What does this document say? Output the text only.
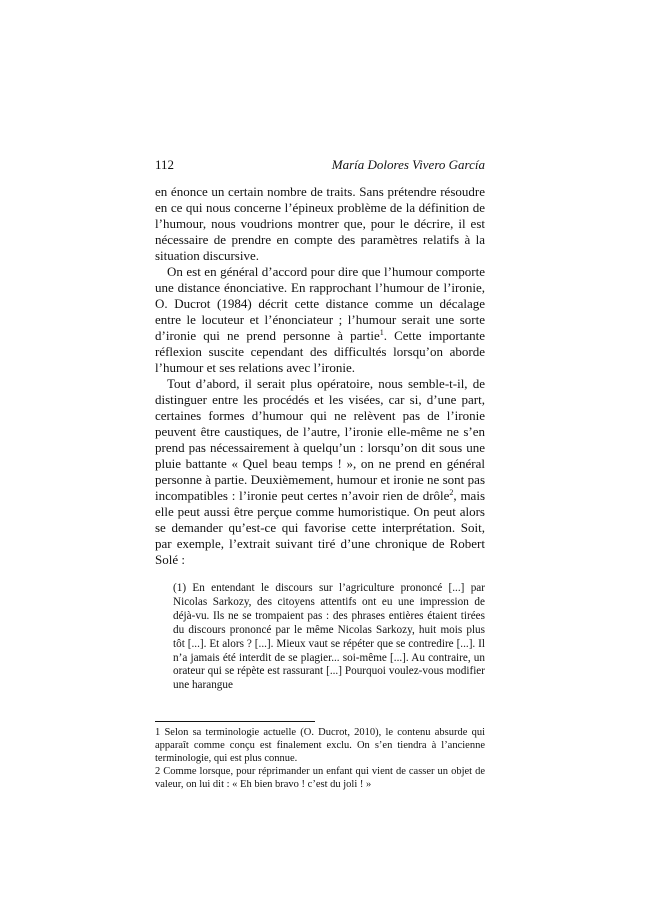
112	María Dolores Vivero García

en énonce un certain nombre de traits. Sans prétendre résoudre en ce qui nous concerne l’épineux problème de la définition de l’humour, nous voudrions montrer que, pour le décrire, il est nécessaire de prendre en compte des paramètres relatifs à la situation discursive.

On est en général d’accord pour dire que l’humour comporte une distance énonciative. En rapprochant l’humour de l’ironie, O. Ducrot (1984) décrit cette distance comme un décalage entre le locuteur et l’énonciateur ; l’humour serait une sorte d’ironie qui ne prend personne à partie$^1$. Cette importante réflexion suscite cependant des difficultés lorsqu’on aborde l’humour et ses relations avec l’ironie.

Tout d’abord, il serait plus opératoire, nous semble-t-il, de distinguer entre les procédés et les visées, car si, d’une part, certaines formes d’humour qui ne relèvent pas de l’ironie peuvent être caustiques, de l’autre, l’ironie elle-même ne s’en prend pas nécessairement à quelqu’un : lorsqu’on dit sous une pluie battante « Quel beau temps ! », on ne prend en général personne à partie. Deuxièmement, humour et ironie ne sont pas incompatibles : l’ironie peut certes n’avoir rien de drôle$^2$, mais elle peut aussi être perçue comme humoristique. On peut alors se demander qu’est-ce qui favorise cette interprétation. Soit, par exemple, l’extrait suivant tiré d’une chronique de Robert Solé :

(1) En entendant le discours sur l’agriculture prononcé [...] par Nicolas Sarkozy, des citoyens attentifs ont eu une impression de déjà-vu. Ils ne se trompaient pas : des phrases entières étaient tirées du discours prononcé par le même Nicolas Sarkozy, huit mois plus tôt [...]. Et alors ? [...]. Mieux vaut se répéter que se contredire [...]. Il n’a jamais été interdit de se plagier... soi-même [...]. Au contraire, un orateur qui se répète est rassurant [...] Pourquoi voulez-vous modifier une harangue

1 Selon sa terminologie actuelle (O. Ducrot, 2010), le contenu absurde qui apparaît comme conçu est finalement exclu. On s’en tiendra à l’ancienne terminologie, qui est plus connue.

2 Comme lorsque, pour réprimander un enfant qui vient de casser un objet de valeur, on lui dit : « Eh bien bravo ! c’est du joli ! »
